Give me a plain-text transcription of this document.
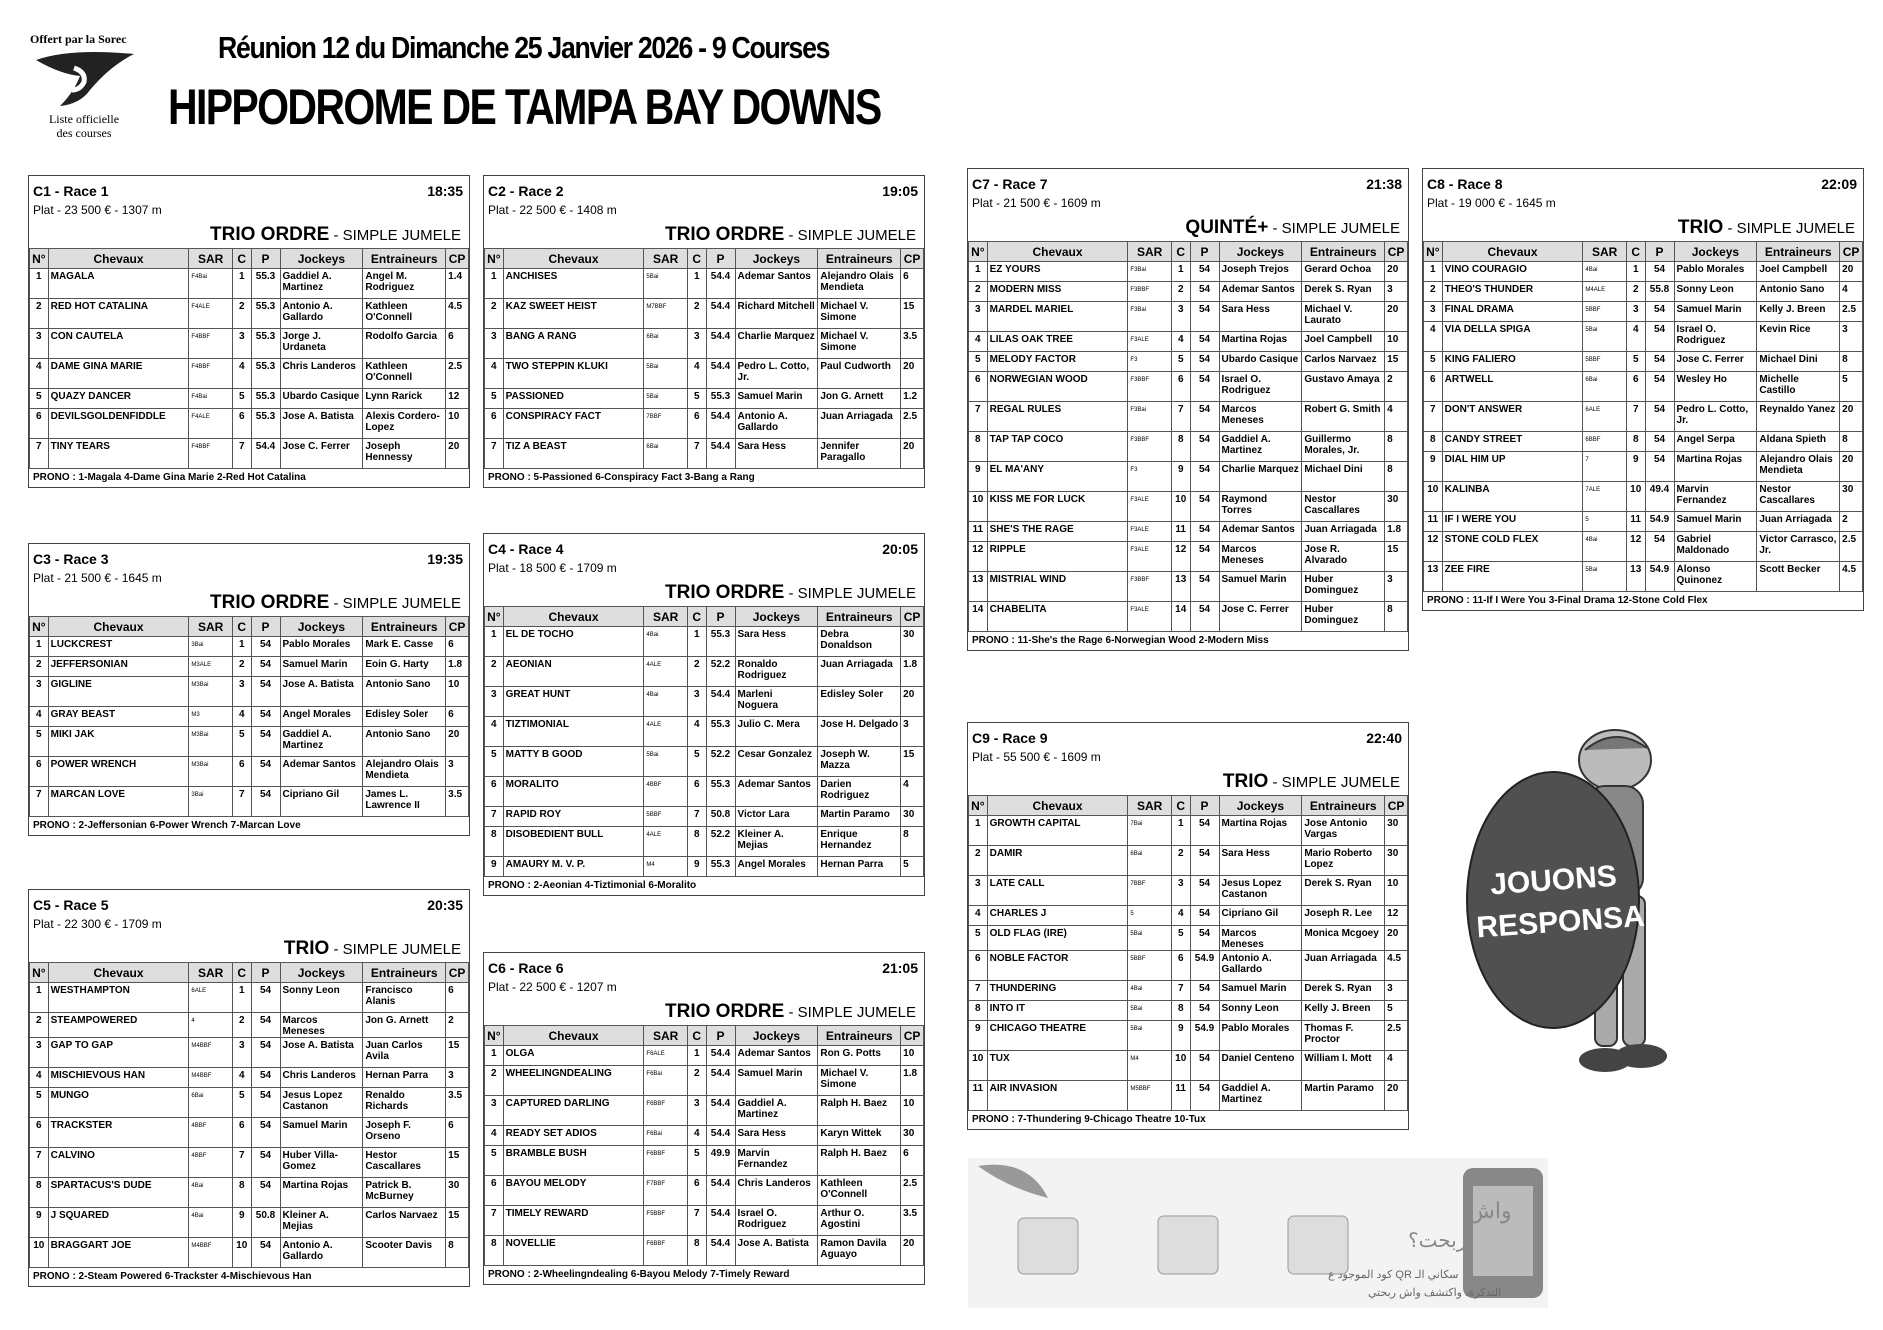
Offert par la Sorec
Liste officielle
des courses
Réunion 12 du Dimanche 25 Janvier 2026 - 9 Courses
HIPPODROME DE TAMPA BAY DOWNS
C1 - Race 1	18:35
Plat - 23 500 € - 1307 m
TRIO ORDRE - SIMPLE JUMELE
N°	Chevaux	SAR	C	P	Jockeys	Entraineurs	CP
1	MAGALA	F4Bai	1	55.3	Gaddiel A. Martinez	Angel M. Rodriguez	1.4
2	RED HOT CATALINA	F4ALE	2	55.3	Antonio A. Gallardo	Kathleen O'Connell	4.5
3	CON CAUTELA	F4BBF	3	55.3	Jorge J. Urdaneta	Rodolfo Garcia	6
4	DAME GINA MARIE	F4BBF	4	55.3	Chris Landeros	Kathleen O'Connell	2.5
5	QUAZY DANCER	F4Bai	5	55.3	Ubardo Casique	Lynn Rarick	12
6	DEVILSGOLDENFIDDLE	F4ALE	6	55.3	Jose A. Batista	Alexis Cordero-Lopez	10
7	TINY TEARS	F4BBF	7	54.4	Jose C. Ferrer	Joseph Hennessy	20
PRONO : 1-Magala 4-Dame Gina Marie 2-Red Hot Catalina
C2 - Race 2	19:05
Plat - 22 500 € - 1408 m
TRIO ORDRE - SIMPLE JUMELE
N°	Chevaux	SAR	C	P	Jockeys	Entraineurs	CP
1	ANCHISES	5Bai	1	54.4	Ademar Santos	Alejandro Olais Mendieta	6
2	KAZ SWEET HEIST	M7BBF	2	54.4	Richard Mitchell	Michael V. Simone	15
3	BANG A RANG	6Bai	3	54.4	Charlie Marquez	Michael V. Simone	3.5
4	TWO STEPPIN KLUKI	5Bai	4	54.4	Pedro L. Cotto, Jr.	Paul Cudworth	20
5	PASSIONED	5Bai	5	55.3	Samuel Marin	Jon G. Arnett	1.2
6	CONSPIRACY FACT	7BBF	6	54.4	Antonio A. Gallardo	Juan Arriagada	2.5
7	TIZ A BEAST	6Bai	7	54.4	Sara Hess	Jennifer Paragallo	20
PRONO : 5-Passioned 6-Conspiracy Fact 3-Bang a Rang
C3 - Race 3	19:35
Plat - 21 500 € - 1645 m
TRIO ORDRE - SIMPLE JUMELE
N°	Chevaux	SAR	C	P	Jockeys	Entraineurs	CP
1	LUCKCREST	3Bai	1	54	Pablo Morales	Mark E. Casse	6
2	JEFFERSONIAN	M3ALE	2	54	Samuel Marin	Eoin G. Harty	1.8
3	GIGLINE	M3Bai	3	54	Jose A. Batista	Antonio Sano	10
4	GRAY BEAST	M3	4	54	Angel Morales	Edisley Soler	6
5	MIKI JAK	M3Bai	5	54	Gaddiel A. Martinez	Antonio Sano	20
6	POWER WRENCH	M3Bai	6	54	Ademar Santos	Alejandro Olais Mendieta	3
7	MARCAN LOVE	3Bai	7	54	Cipriano Gil	James L. Lawrence II	3.5
PRONO : 2-Jeffersonian 6-Power Wrench 7-Marcan Love
C4 - Race 4	20:05
Plat - 18 500 € - 1709 m
TRIO ORDRE - SIMPLE JUMELE
N°	Chevaux	SAR	C	P	Jockeys	Entraineurs	CP
1	EL DE TOCHO	4Bai	1	55.3	Sara Hess	Debra Donaldson	30
2	AEONIAN	4ALE	2	52.2	Ronaldo Rodriguez	Juan Arriagada	1.8
3	GREAT HUNT	4Bai	3	54.4	Marleni Noguera	Edisley Soler	20
4	TIZTIMONIAL	4ALE	4	55.3	Julio C. Mera	Jose H. Delgado	3
5	MATTY B GOOD	5Bai	5	52.2	Cesar Gonzalez	Joseph W. Mazza	15
6	MORALITO	4BBF	6	55.3	Ademar Santos	Darien Rodriguez	4
7	RAPID ROY	5BBF	7	50.8	Victor Lara	Martin Paramo	30
8	DISOBEDIENT BULL	4ALE	8	52.2	Kleiner A. Mejias	Enrique Hernandez	8
9	AMAURY M. V. P.	M4	9	55.3	Angel Morales	Hernan Parra	5
PRONO : 2-Aeonian 4-Tiztimonial 6-Moralito
C5 - Race 5	20:35
Plat - 22 300 € - 1709 m
TRIO - SIMPLE JUMELE
N°	Chevaux	SAR	C	P	Jockeys	Entraineurs	CP
1	WESTHAMPTON	6ALE	1	54	Sonny Leon	Francisco Alanis	6
2	STEAMPOWERED	4	2	54	Marcos Meneses	Jon G. Arnett	2
3	GAP TO GAP	M4BBF	3	54	Jose A. Batista	Juan Carlos Avila	15
4	MISCHIEVOUS HAN	M4BBF	4	54	Chris Landeros	Hernan Parra	3
5	MUNGO	6Bai	5	54	Jesus Lopez Castanon	Renaldo Richards	3.5
6	TRACKSTER	4BBF	6	54	Samuel Marin	Joseph F. Orseno	6
7	CALVINO	4BBF	7	54	Huber Villa-Gomez	Hestor Cascallares	15
8	SPARTACUS'S DUDE	4Bai	8	54	Martina Rojas	Patrick B. McBurney	30
9	J SQUARED	4Bai	9	50.8	Kleiner A. Mejias	Carlos Narvaez	15
10	BRAGGART JOE	M4BBF	10	54	Antonio A. Gallardo	Scooter Davis	8
PRONO : 2-Steam Powered 6-Trackster 4-Mischievous Han
C6 - Race 6	21:05
Plat - 22 500 € - 1207 m
TRIO ORDRE - SIMPLE JUMELE
N°	Chevaux	SAR	C	P	Jockeys	Entraineurs	CP
1	OLGA	F6ALE	1	54.4	Ademar Santos	Ron G. Potts	10
2	WHEELINGNDEALING	F6Bai	2	54.4	Samuel Marin	Michael V. Simone	1.8
3	CAPTURED DARLING	F6BBF	3	54.4	Gaddiel A. Martinez	Ralph H. Baez	10
4	READY SET ADIOS	F6Bai	4	54.4	Sara Hess	Karyn Wittek	30
5	BRAMBLE BUSH	F6BBF	5	49.9	Marvin Fernandez	Ralph H. Baez	6
6	BAYOU MELODY	F7BBF	6	54.4	Chris Landeros	Kathleen O'Connell	2.5
7	TIMELY REWARD	F5BBF	7	54.4	Israel O. Rodriguez	Arthur O. Agostini	3.5
8	NOVELLIE	F6BBF	8	54.4	Jose A. Batista	Ramon Davila Aguayo	20
PRONO : 2-Wheelingndealing 6-Bayou Melody 7-Timely Reward
C7 - Race 7	21:38
Plat - 21 500 € - 1609 m
QUINTÉ+ - SIMPLE JUMELE
N°	Chevaux	SAR	C	P	Jockeys	Entraineurs	CP
1	EZ YOURS	F3Bai	1	54	Joseph Trejos	Gerard Ochoa	20
2	MODERN MISS	F3BBF	2	54	Ademar Santos	Derek S. Ryan	3
3	MARDEL MARIEL	F3Bai	3	54	Sara Hess	Michael V. Laurato	20
4	LILAS OAK TREE	F3ALE	4	54	Martina Rojas	Joel Campbell	10
5	MELODY FACTOR	F3	5	54	Ubardo Casique	Carlos Narvaez	15
6	NORWEGIAN WOOD	F3BBF	6	54	Israel O. Rodriguez	Gustavo Amaya	2
7	REGAL RULES	F3Bai	7	54	Marcos Meneses	Robert G. Smith	4
8	TAP TAP COCO	F3BBF	8	54	Gaddiel A. Martinez	Guillermo Morales, Jr.	8
9	EL MA'ANY	F3	9	54	Charlie Marquez	Michael Dini	8
10	KISS ME FOR LUCK	F3ALE	10	54	Raymond Torres	Nestor Cascallares	30
11	SHE'S THE RAGE	F3ALE	11	54	Ademar Santos	Juan Arriagada	1.8
12	RIPPLE	F3ALE	12	54	Marcos Meneses	Jose R. Alvarado	15
13	MISTRIAL WIND	F3BBF	13	54	Samuel Marin	Huber Dominguez	3
14	CHABELITA	F3ALE	14	54	Jose C. Ferrer	Huber Dominguez	8
PRONO : 11-She's the Rage 6-Norwegian Wood 2-Modern Miss
C8 - Race 8	22:09
Plat - 19 000 € - 1645 m
TRIO - SIMPLE JUMELE
N°	Chevaux	SAR	C	P	Jockeys	Entraineurs	CP
1	VINO COURAGIO	4Bai	1	54	Pablo Morales	Joel Campbell	20
2	THEO'S THUNDER	M4ALE	2	55.8	Sonny Leon	Antonio Sano	4
3	FINAL DRAMA	5BBF	3	54	Samuel Marin	Kelly J. Breen	2.5
4	VIA DELLA SPIGA	5Bai	4	54	Israel O. Rodriguez	Kevin Rice	3
5	KING FALIERO	5BBF	5	54	Jose C. Ferrer	Michael Dini	8
6	ARTWELL	6Bai	6	54	Wesley Ho	Michelle Castillo	5
7	DON'T ANSWER	6ALE	7	54	Pedro L. Cotto, Jr.	Reynaldo Yanez	20
8	CANDY STREET	6BBF	8	54	Angel Serpa	Aldana Spieth	8
9	DIAL HIM UP	7	9	54	Martina Rojas	Alejandro Olais Mendieta	20
10	KALINBA	7ALE	10	49.4	Marvin Fernandez	Nestor Cascallares	30
11	IF I WERE YOU	5	11	54.9	Samuel Marin	Juan Arriagada	2
12	STONE COLD FLEX	4Bai	12	54	Gabriel Maldonado	Victor Carrasco, Jr.	2.5
13	ZEE FIRE	5Bai	13	54.9	Alonso Quinonez	Scott Becker	4.5
PRONO : 11-If I Were You 3-Final Drama 12-Stone Cold Flex
C9 - Race 9	22:40
Plat - 55 500 € - 1609 m
TRIO - SIMPLE JUMELE
N°	Chevaux	SAR	C	P	Jockeys	Entraineurs	CP
1	GROWTH CAPITAL	7Bai	1	54	Martina Rojas	Jose Antonio Vargas	30
2	DAMIR	6Bai	2	54	Sara Hess	Mario Roberto Lopez	30
3	LATE CALL	7BBF	3	54	Jesus Lopez Castanon	Derek S. Ryan	10
4	CHARLES J	5	4	54	Cipriano Gil	Joseph R. Lee	12
5	OLD FLAG (IRE)	5Bai	5	54	Marcos Meneses	Monica Mcgoey	20
6	NOBLE FACTOR	5BBF	6	54.9	Antonio A. Gallardo	Juan Arriagada	4.5
7	THUNDERING	4Bai	7	54	Samuel Marin	Derek S. Ryan	3
8	INTO IT	5Bai	8	54	Sonny Leon	Kelly J. Breen	5
9	CHICAGO THEATRE	5Bai	9	54.9	Pablo Morales	Thomas F. Proctor	2.5
10	TUX	M4	10	54	Daniel Centeno	William I. Mott	4
11	AIR INVASION	M5BBF	11	54	Gaddiel A. Martinez	Martin Paramo	20
PRONO : 7-Thundering 9-Chicago Theatre 10-Tux
JOUONS
RESPONSABLE
واش
ربحت؟
سكاني الـ QR كود الموجود ع
التذكرة، واكتشف واش ربحتي
